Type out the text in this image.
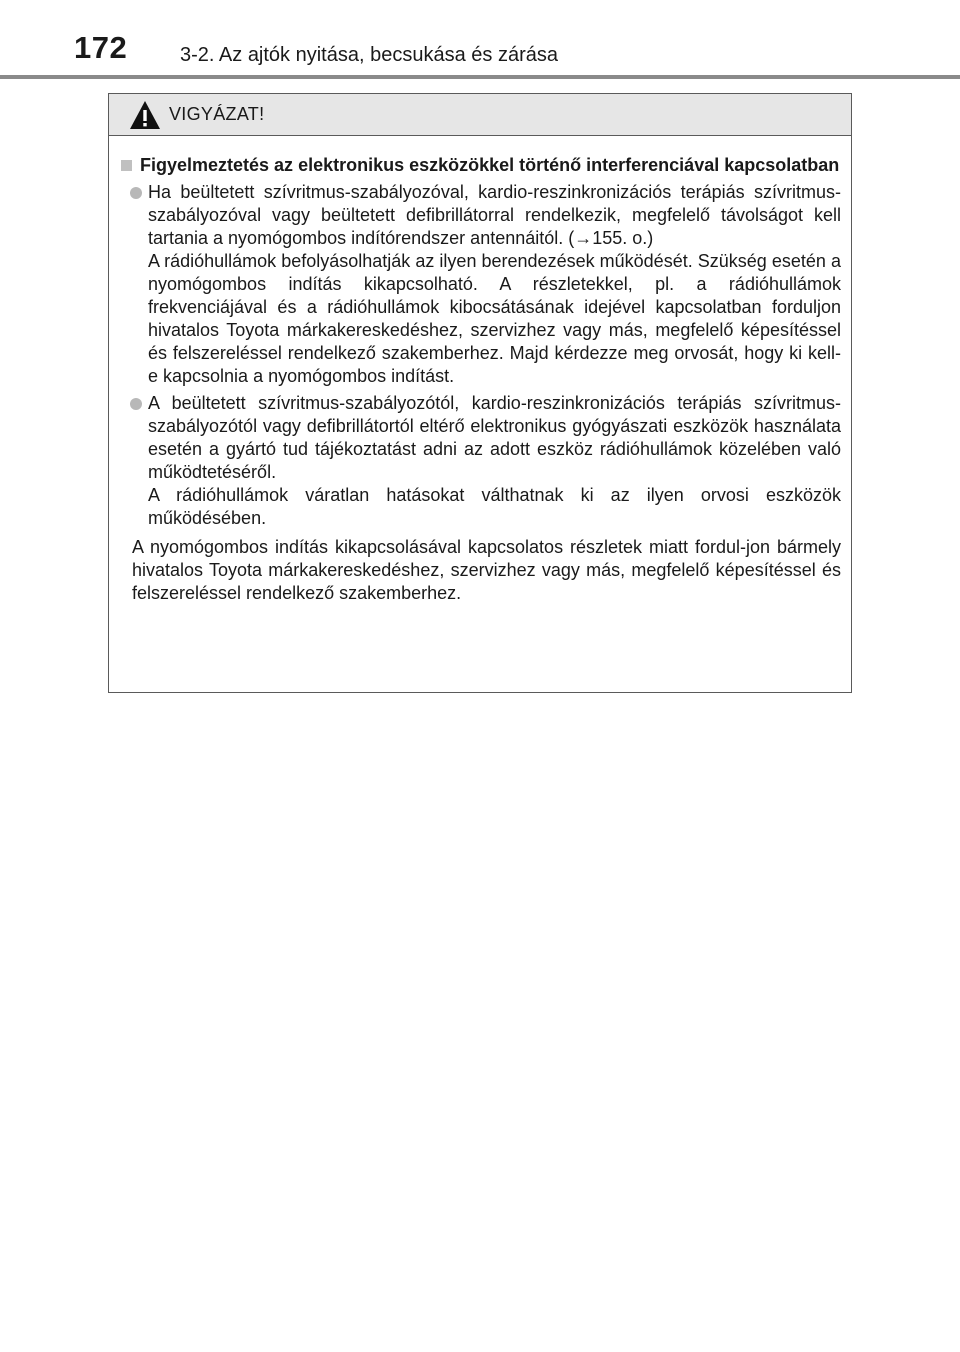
172	3-2. Az ajtók nyitása, becsukása és zárása
VIGYÁZAT!
Figyelmeztetés az elektronikus eszközökkel történő interferenciával kapcsolatban

Ha beültetett szívritmus-szabályozóval, kardio-reszinkronizációs terápiás szívritmus-szabályozóval vagy beültetett defibrillátorral rendelkezik, megfelelő távolságot kell tartania a nyomógombos indítórendszer antennáitól. (→155. o.)

A rádióhullámok befolyásolhatják az ilyen berendezések működését. Szükség esetén a nyomógombos indítás kikapcsolható. A részletekkel, pl. a rádióhullámok frekvenciájával és a rádióhullámok kibocsátásának idejével kapcsolatban forduljon hivatalos Toyota márkakereskedéshez, szervizhez vagy más, megfelelő képesítéssel és felszereléssel rendelkező szakemberhez. Majd kérdezze meg orvosát, hogy ki kell-e kapcsolnia a nyomógombos indítást.

A beültetett szívritmus-szabályozótól, kardio-reszinkronizációs terápiás szívritmus-szabályozótól vagy defibrillátortól eltérő elektronikus gyógyászati eszközök használata esetén a gyártó tud tájékoztatást adni az adott eszköz rádióhullámok közelében való működtetéséről.

A rádióhullámok váratlan hatásokat válthatnak ki az ilyen orvosi eszközök működésében.

A nyomógombos indítás kikapcsolásával kapcsolatos részletek miatt fordul-jon bármely hivatalos Toyota márkakereskedéshez, szervizhez vagy más, megfelelő képesítéssel és felszereléssel rendelkező szakemberhez.
